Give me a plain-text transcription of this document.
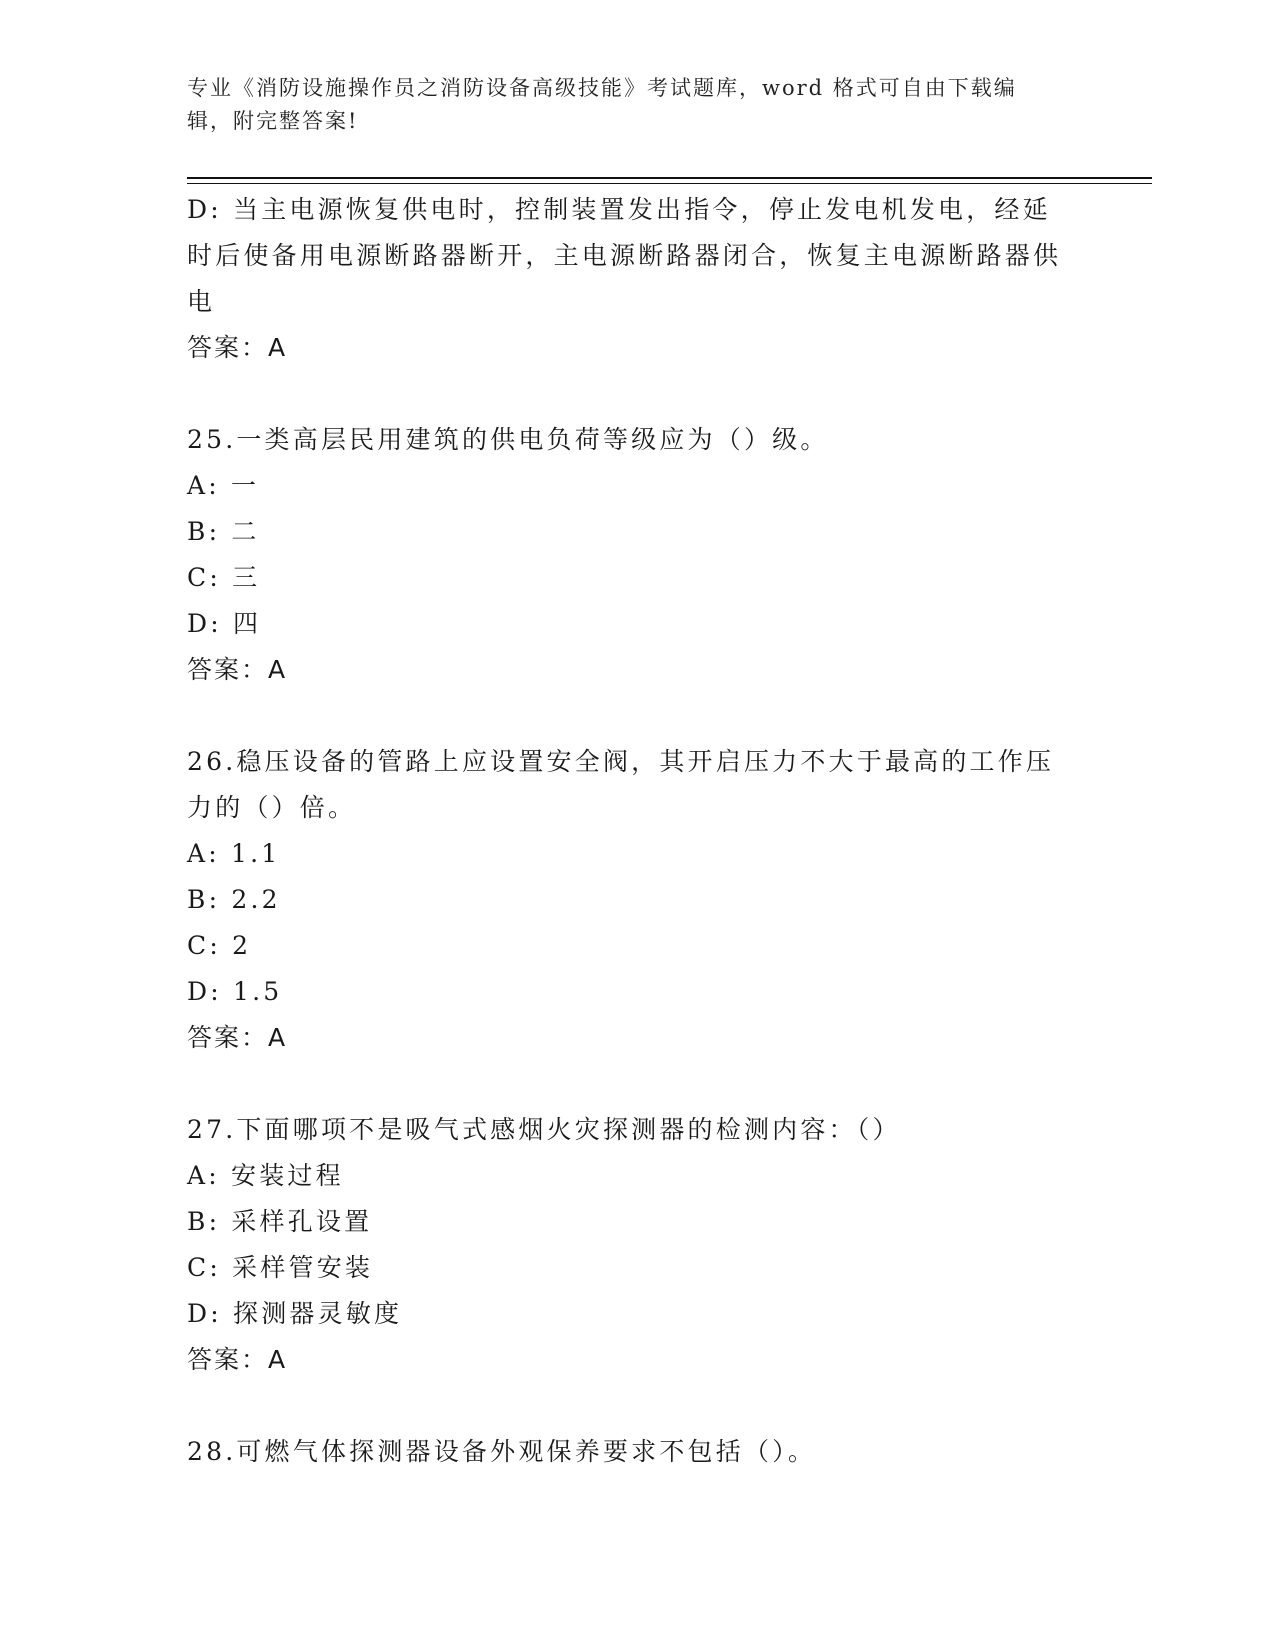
专业《消防设施操作员之消防设备高级技能》考试题库，word 格式可自由下载编
辑，附完整答案!
D: 当主电源恢复供电时，控制装置发出指令，停止发电机发电，经延时后使备用电源断路器断开，主电源断路器闭合，恢复主电源断路器供电
答案：A
25.一类高层民用建筑的供电负荷等级应为（）级。
A: 一
B: 二
C: 三
D: 四
答案：A
26.稳压设备的管路上应设置安全阀，其开启压力不大于最高的工作压力的（）倍。
A: 1.1
B: 2.2
C: 2
D: 1.5
答案：A
27.下面哪项不是吸气式感烟火灾探测器的检测内容：（）
A: 安装过程
B: 采样孔设置
C: 采样管安装
D: 探测器灵敏度
答案：A
28.可燃气体探测器设备外观保养要求不包括（）。
